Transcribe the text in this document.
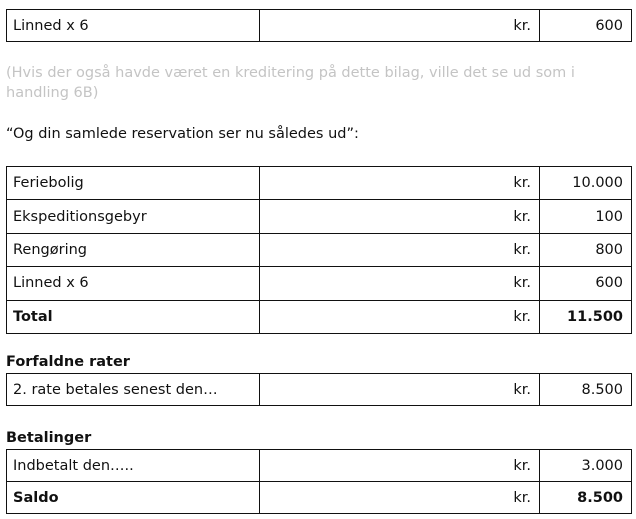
Linned x 6	kr.	600
(Hvis der også havde været en kreditering på dette bilag, ville det se ud som i handling 6B)
“Og din samlede reservation ser nu således ud”:
Feriebolig	kr.	10.000
Ekspeditionsgebyr	kr.	100
Rengøring	kr.	800
Linned x 6	kr.	600
Total	kr.	11.500
Forfaldne rater
2. rate betales senest den…	kr.	8.500
Betalinger
Indbetalt den…..	kr.	3.000
Saldo	kr.	8.500
